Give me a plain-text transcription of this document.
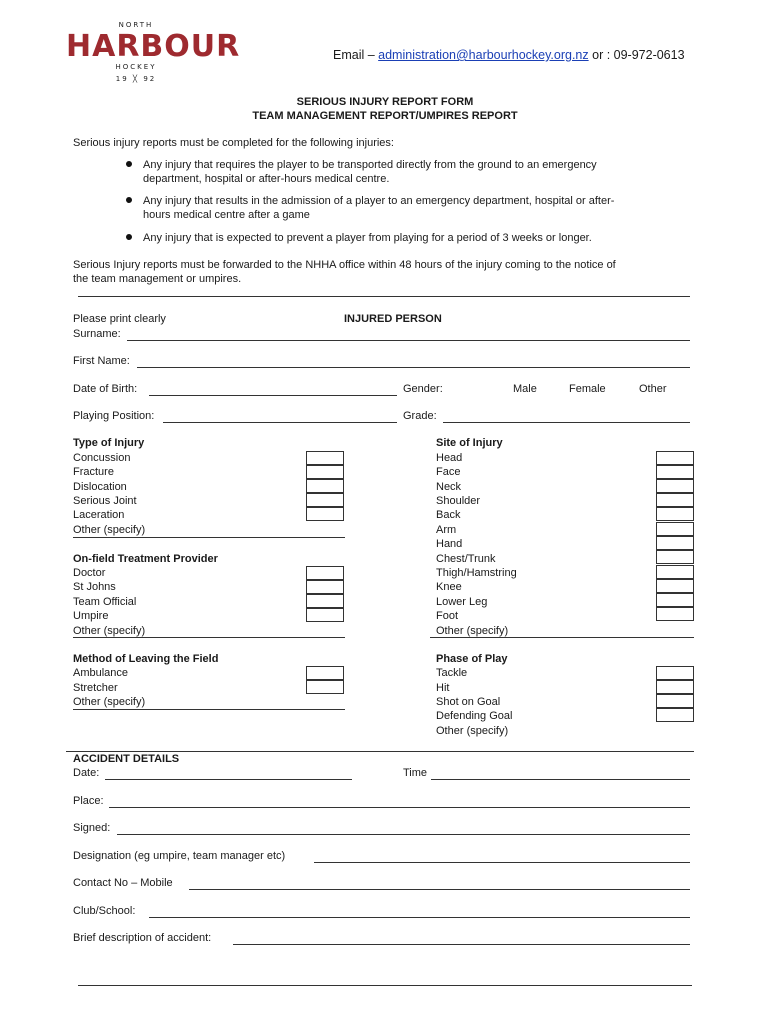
NORTH
HARBOUR
HOCKEY
19 ╳ 92
Email – administration@harbourhockey.org.nz or : 09-972-0613
SERIOUS INJURY REPORT FORM
TEAM MANAGEMENT REPORT/UMPIRES REPORT
Serious injury reports must be completed for the following injuries:
Any injury that requires the player to be transported directly from the ground to an emergency
department, hospital or after-hours medical centre.
Any injury that results in the admission of a player to an emergency department, hospital or after-
hours medical centre after a game
Any injury that is expected to prevent a player from playing for a period of 3 weeks or longer.
Serious Injury reports must be forwarded to the NHHA office within 48 hours of the injury coming to the notice of
the team management or umpires.
Please print clearly	INJURED PERSON
Surname:
First Name:
Date of Birth:	Gender:	Male	Female	Other
Playing Position:	Grade:
Type of Injury
Concussion
Fracture
Dislocation
Serious Joint
Laceration
Other (specify)
On-field Treatment Provider
Doctor
St Johns
Team Official
Umpire
Other (specify)
Method of Leaving the Field
Ambulance
Stretcher
Other (specify)
Site of Injury
Head
Face
Neck
Shoulder
Back
Arm
Hand
Chest/Trunk
Thigh/Hamstring
Knee
Lower Leg
Foot
Other (specify)
Phase of Play
Tackle
Hit
Shot on Goal
Defending Goal
Other (specify)
ACCIDENT DETAILS
Date:	Time
Place:
Signed:
Designation (eg umpire, team manager etc)
Contact No – Mobile
Club/School:
Brief description of accident:
